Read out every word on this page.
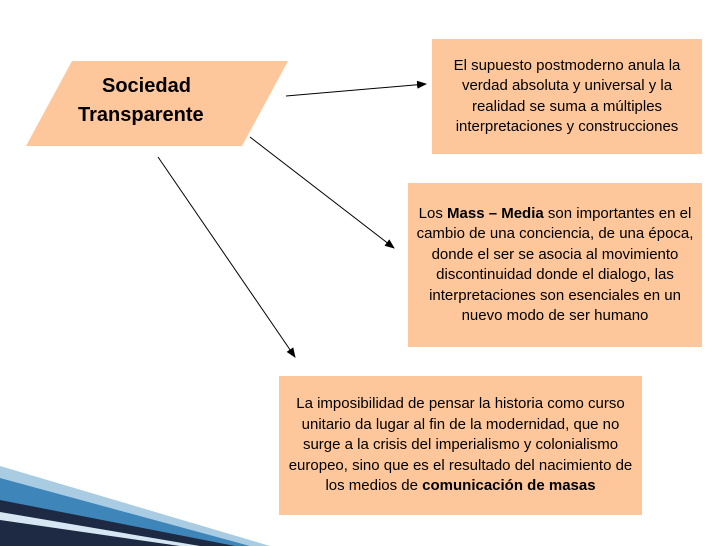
Sociedad
Transparente

El supuesto postmoderno anula la verdad absoluta y universal y la realidad se suma a múltiples interpretaciones y construcciones

Los Mass – Media son importantes en el cambio de una conciencia, de una época, donde el ser se asocia al movimiento discontinuidad donde el dialogo, las interpretaciones son esenciales en un nuevo modo de ser humano

La imposibilidad de pensar la historia como curso unitario da lugar al fin de la modernidad, que no surge a la crisis del imperialismo y colonialismo europeo, sino que es el resultado del nacimiento de los medios de comunicación de masas
